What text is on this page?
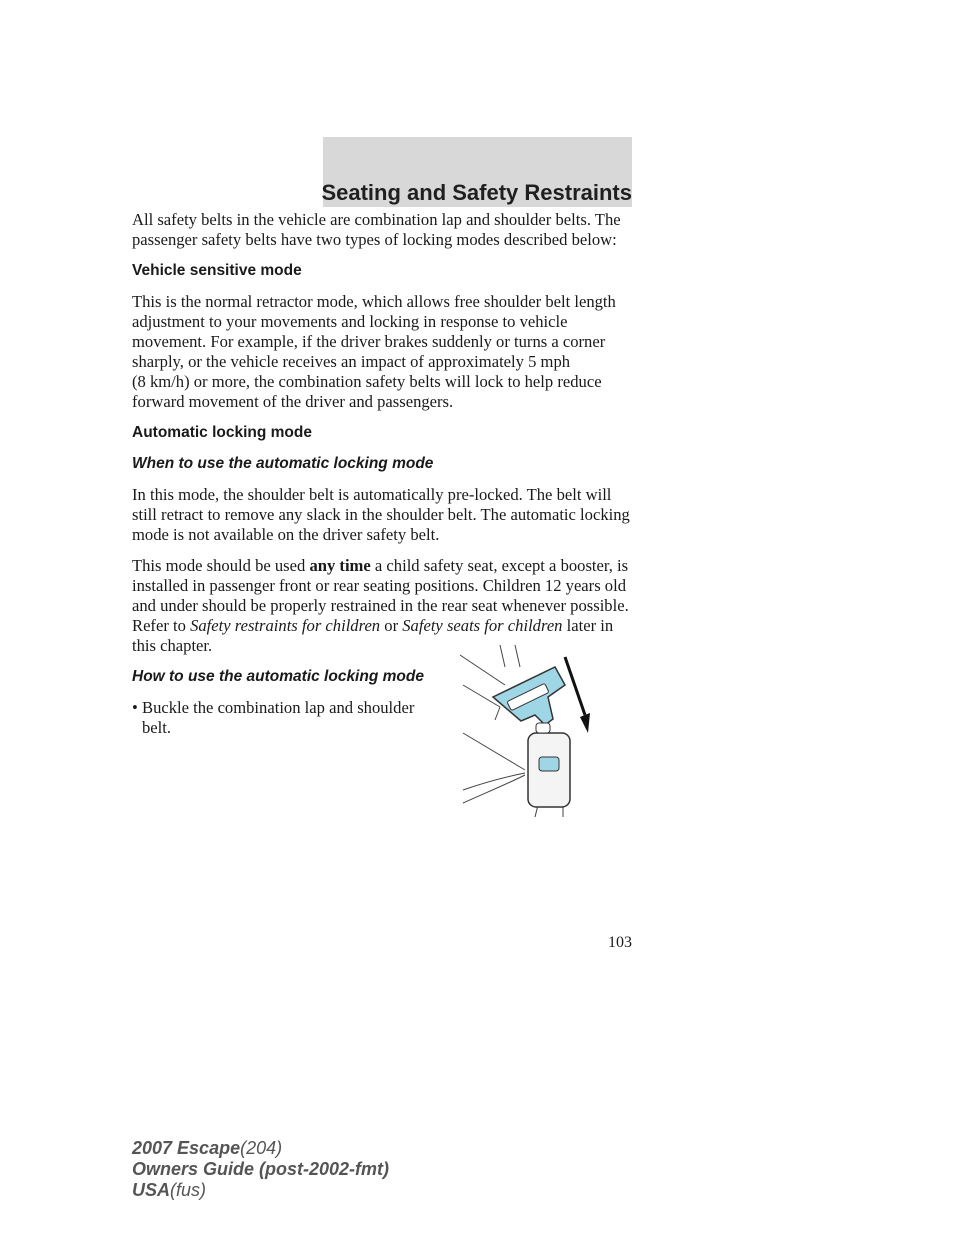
Seating and Safety Restraints

All safety belts in the vehicle are combination lap and shoulder belts. The passenger safety belts have two types of locking modes described below:

Vehicle sensitive mode

This is the normal retractor mode, which allows free shoulder belt length adjustment to your movements and locking in response to vehicle movement. For example, if the driver brakes suddenly or turns a corner sharply, or the vehicle receives an impact of approximately 5 mph
(8 km/h) or more, the combination safety belts will lock to help reduce forward movement of the driver and passengers.

Automatic locking mode
When to use the automatic locking mode

In this mode, the shoulder belt is automatically pre-locked. The belt will still retract to remove any slack in the shoulder belt. The automatic locking mode is not available on the driver safety belt.

This mode should be used any time a child safety seat, except a booster, is installed in passenger front or rear seating positions. Children 12 years old and under should be properly restrained in the rear seat whenever possible. Refer to Safety restraints for children or Safety seats for children later in this chapter.

How to use the automatic locking mode
• Buckle the combination lap and shoulder belt.
103
2007 Escape(204)
Owners Guide (post-2002-fmt)
USA(fus)
